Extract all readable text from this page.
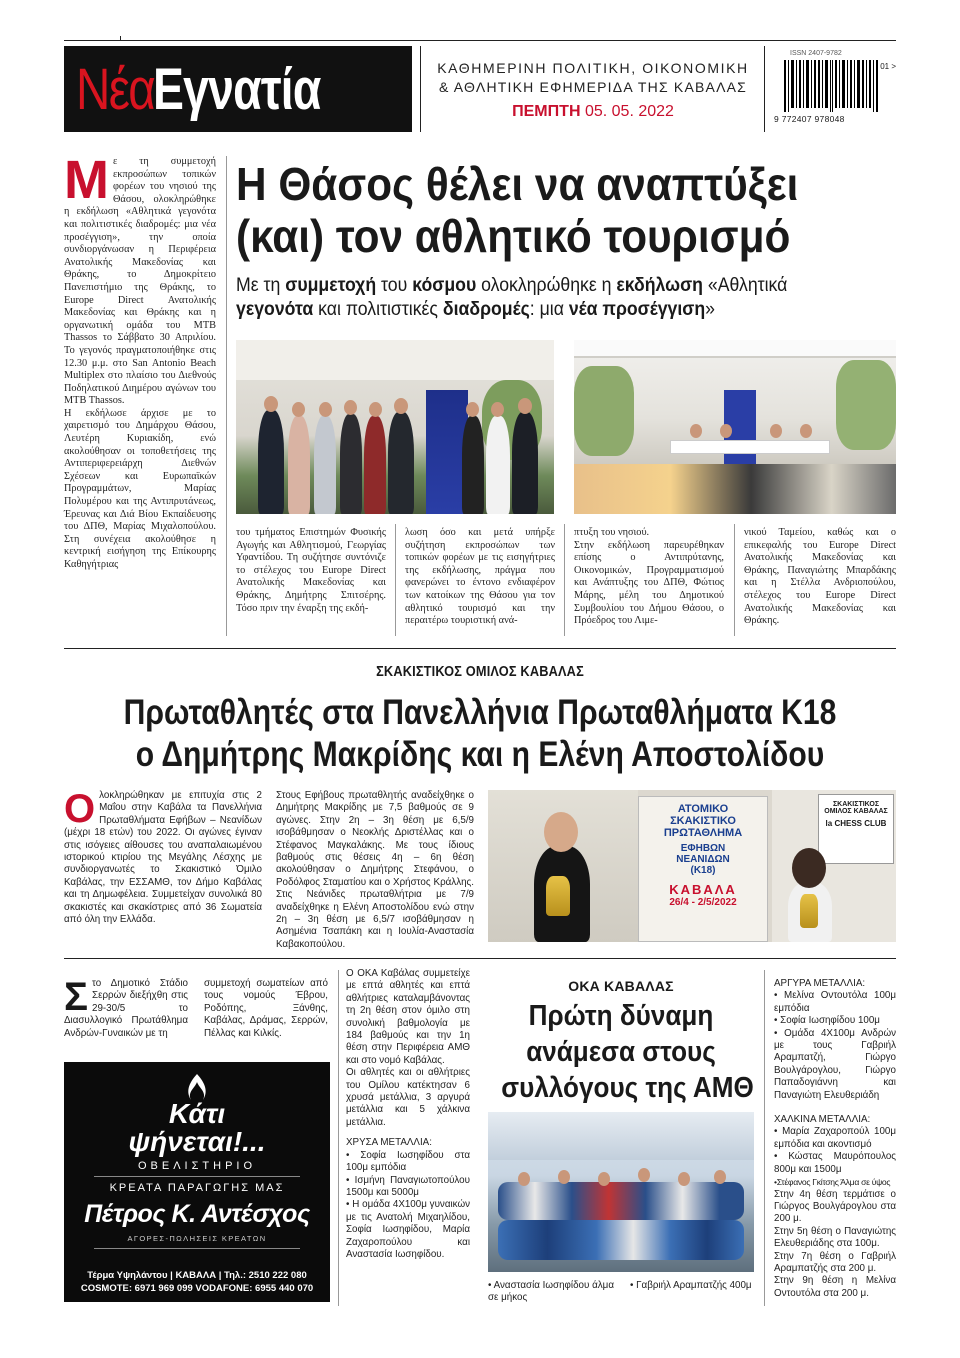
Νέα Εγνατία	ΚΑΘΗΜΕΡΙΝΗ ΠΟΛΙΤΙΚΗ, ΟΙΚΟΝΟΜΙΚΗ
& ΑΘΛΗΤΙΚΗ ΕΦΗΜΕΡΙΔΑ ΤΗΣ ΚΑΒΑΛΑΣ
ΠΕΜΠΤΗ 05. 05. 2022
ISSN 2407-9782
01 >
9 772407 978048
Η Θάσος θέλει να αναπτύξει
(και) τον αθλητικό τουρισμό
Με τη συμμετοχή του κόσμου ολοκληρώθηκε η εκδήλωση «Αθλητικά
γεγονότα και πολιτιστικές διαδρομές: μια νέα προσέγγιση»
Μ ε τη συμμετοχή εκπροσώπων τοπικών φορέων του νησιού της Θάσου, ολοκληρώθηκε η εκδήλωση «Αθλητικά γεγονότα και πολιτιστικές διαδρομές: μια νέα προσέγγιση», την οποία συνδιοργάνωσαν η Περιφέρεια Ανατολικής Μακεδονίας και Θράκης, το Δημοκρίτειο Πανεπιστήμιο της Θράκης, το Europe Direct Ανατολικής Μακεδονίας και Θράκης και η οργανωτική ομάδα του MTB Thassos το Σάββατο 30 Απριλίου. Το γεγονός πραγματοποιήθηκε στις 12.30 μ.μ. στο San Antonio Beach Multiplex στο πλαίσιο του Διεθνούς Ποδηλατικού Διημέρου αγώνων του MTB Thassos.
Η εκδήλωσε άρχισε με το χαιρετισμό του Δημάρχου Θάσου, Λευτέρη Κυριακίδη, ενώ ακολούθησαν οι τοποθετήσεις της Αντιπεριφερειάρχη Διεθνών Σχέσεων και Ευρωπαϊκών Προγραμμάτων, Μαρίας Πολυμέρου και της Αντιπρυτάνεως, Έρευνας και Διά Βίου Εκπαίδευσης του ΔΠΘ, Μαρίας Μιχαλοπούλου. Στη συνέχεια ακολούθησε η κεντρική εισήγηση της Επίκουρης Καθηγήτριας
του τμήματος Επιστημών Φυσικής Αγωγής και Αθλητισμού, Γεωργίας Υφαντίδου. Τη συζήτησε συντόνιζε το στέλεχος του Europe Direct Ανατολικής Μακεδονίας και Θράκης, Δημήτρης Σπιτσέρης. Τόσο πριν την έναρξη της εκδή-
λωση όσο και μετά υπήρξε συζήτηση εκπροσώπων των τοπικών φορέων με τις εισηγήτριες της εκδήλωσης, πράγμα που φανερώνει το έντονο ενδιαφέρον των κατοίκων της Θάσου για τον αθλητικό τουρισμό και την περαιτέρω τουριστική ανά-
πτυξη του νησιού.
Στην εκδήλωση παρευρέθηκαν επίσης ο Αντιπρύτανης, Οικονομικών, Προγραμματισμού και Ανάπτυξης του ΔΠΘ, Φώτιος Μάρης, μέλη του Δημοτικού Συμβουλίου του Δήμου Θάσου, ο Πρόεδρος του Λιμε-
νικού Ταμείου, καθώς και ο επικεφαλής του Europe Direct Ανατολικής Μακεδονίας και Θράκης, Παναγιώτης Μπαρδάκης και η Στέλλα Ανδριοπούλου, στέλεχος του Europe Direct Ανατολικής Μακεδονίας και Θράκης.
ΣΚΑΚΙΣΤΙΚΟΣ ΟΜΙΛΟΣ ΚΑΒΑΛΑΣ
Πρωταθλητές στα Πανελλήνια Πρωταθλήματα Κ18
ο Δημήτρης Μακρίδης και η Ελένη Αποστολίδου
Ο λοκληρώθηκαν με επιτυχία στις 2 Μαΐου στην Καβάλα τα Πανελλήνια Πρωταθλήματα Εφήβων – Νεανίδων (μέχρι 18 ετών) του 2022. Οι αγώνες έγιναν στις ισόγειες αίθουσες του αναπαλαιωμένου ιστορικού κτιρίου της Μεγάλης Λέσχης με συνδιοργανωτές το Σκακιστικό Όμιλο Καβάλας, την ΕΣΣΑΜΘ, τον Δήμο Καβάλας και τη Δημωφέλεια. Συμμετείχαν συνολικά 80 σκακιστές και σκακίστριες από 36 Σωματεία από όλη την Ελλάδα.
Στους Εφήβους πρωταθλητής αναδείχθηκε ο Δημήτρης Μακρίδης με 7,5 βαθμούς σε 9 αγώνες. Στην 2η – 3η θέση με 6,5/9 ισοβάθμησαν ο Νεοκλής Δριστέλλας και ο Στέφανος Μαγκαλάκης. Με τους ίδιους βαθμούς στις θέσεις 4η – 6η θέση ακολούθησαν ο Δημήτρης Στεφάνου, ο Ροδόλφος Σταματίου και ο Χρήστος Κράλλης. Στις Νεάνιδες πρωταθλήτρια με 7/9 αναδείχθηκε η Ελένη Αποστολίδου ενώ στην 2η – 3η θέση με 6,5/7 ισοβάθμησαν η Ασημένια Τσαπάκη και η Ιουλία-Αναστασία Καβακοπούλου.
ΑΤΟΜΙΚΟ
ΣΚΑΚΙΣΤΙΚΟ
ΠΡΩΤΑΘΛΗΜΑ
ΕΦΗΒΩΝ
ΝΕΑΝΙΔΩΝ
(Κ18)
ΚΑΒΑΛΑ
26/4 - 2/5/2022
ΣΚΑΚΙΣΤΙΚΟΣ ΟΜΙΛΟΣ ΚΑΒΑΛΑΣ
la CHESS CLUB
Σ το Δημοτικό Στάδιο Σερρών διεξήχθη στις 29-30/5 το Διασυλλογικό Πρωτάθλημα Ανδρών-Γυναικών με τη
συμμετοχή σωματείων από τους νομούς Έβρου, Ροδόπης, Ξάνθης, Καβάλας, Δράμας, Σερρών, Πέλλας και Κιλκίς.
Κάτι
ψήνεται!...
ΟΒΕΛΙΣΤΗΡΙΟ
ΚΡΕΑΤΑ ΠΑΡΑΓΩΓΗΣ ΜΑΣ
Πέτρος Κ. Αντέσχος
ΑΓΟΡΕΣ-ΠΩΛΗΣΕΙΣ ΚΡΕΑΤΩΝ
Τέρμα Υψηλάντου | ΚΑΒΑΛΑ | Τηλ.: 2510 222 080
COSMOTE: 6971 969 099 VODAFONE: 6955 440 070
Ο ΟΚΑ Καβάλας συμμετείχε με επτά αθλητές και επτά αθλήτριες καταλαμβάνοντας τη 2η θέση στον όμιλο στη συνολική βαθμολογία με 184 βαθμούς και την 1η θέση στην Περιφέρεια ΑΜΘ και στο νομό Καβάλας.
Οι αθλητές και οι αθλήτριες του Ομίλου κατέκτησαν 6 χρυσά μετάλλια, 3 αργυρά μετάλλια και 5 χάλκινα μετάλλια.
ΧΡΥΣΑ ΜΕΤΑΛΛΙΑ:
• Σοφία Ιωσηφίδου στα 100μ εμπόδια
• Ισμήνη Παναγιωτοπούλου 1500μ και 5000μ
• Η ομάδα 4Χ100μ γυναικών με τις Ανατολή Μιχαηλίδου, Σοφία Ιωσηφίδου, Μαρία Ζαχαροπούλου και Αναστασία Ιωσηφίδου.
ΟΚΑ ΚΑΒΑΛΑΣ
Πρώτη δύναμη
ανάμεσα στους
συλλόγους της ΑΜΘ
• Αναστασία Ιωσηφίδου άλμα σε μήκος
• Γαβριήλ Αραμπατζής 400μ
ΑΡΓΥΡΑ ΜΕΤΑΛΛΙΑ:
• Μελίνα Οντουτόλα 100μ εμπόδια
• Σοφία Ιωσηφίδου 100μ
• Ομάδα 4Χ100μ Ανδρών με τους Γαβριήλ Αραμπατζή, Γιώργο Βουλγάρογλου, Γιώργο Παπαδογιάννη και Παναγιώτη Ελευθεριάδη
ΧΑΛΚΙΝΑ ΜΕΤΑΛΛΙΑ:
• Μαρία Ζαχαροπούλ 100μ εμπόδια και ακοντισμό
• Κώστας Μαυρόπουλος 800μ και 1500μ
•Στέφανος Γκίτσης Άλμα σε ύψος
Στην 4η θέση τερμάτισε ο Γιώργος Βουλγάρογλου στα 200 μ.
Στην 5η θέση ο Παναγιώτης Ελευθεριάδης στα 100μ.
Στην 7η θέση ο Γαβριήλ Αραμπατζής στα 200 μ.
Στην 9η θέση η Μελίνα Οντουτόλα στα 200 μ.
